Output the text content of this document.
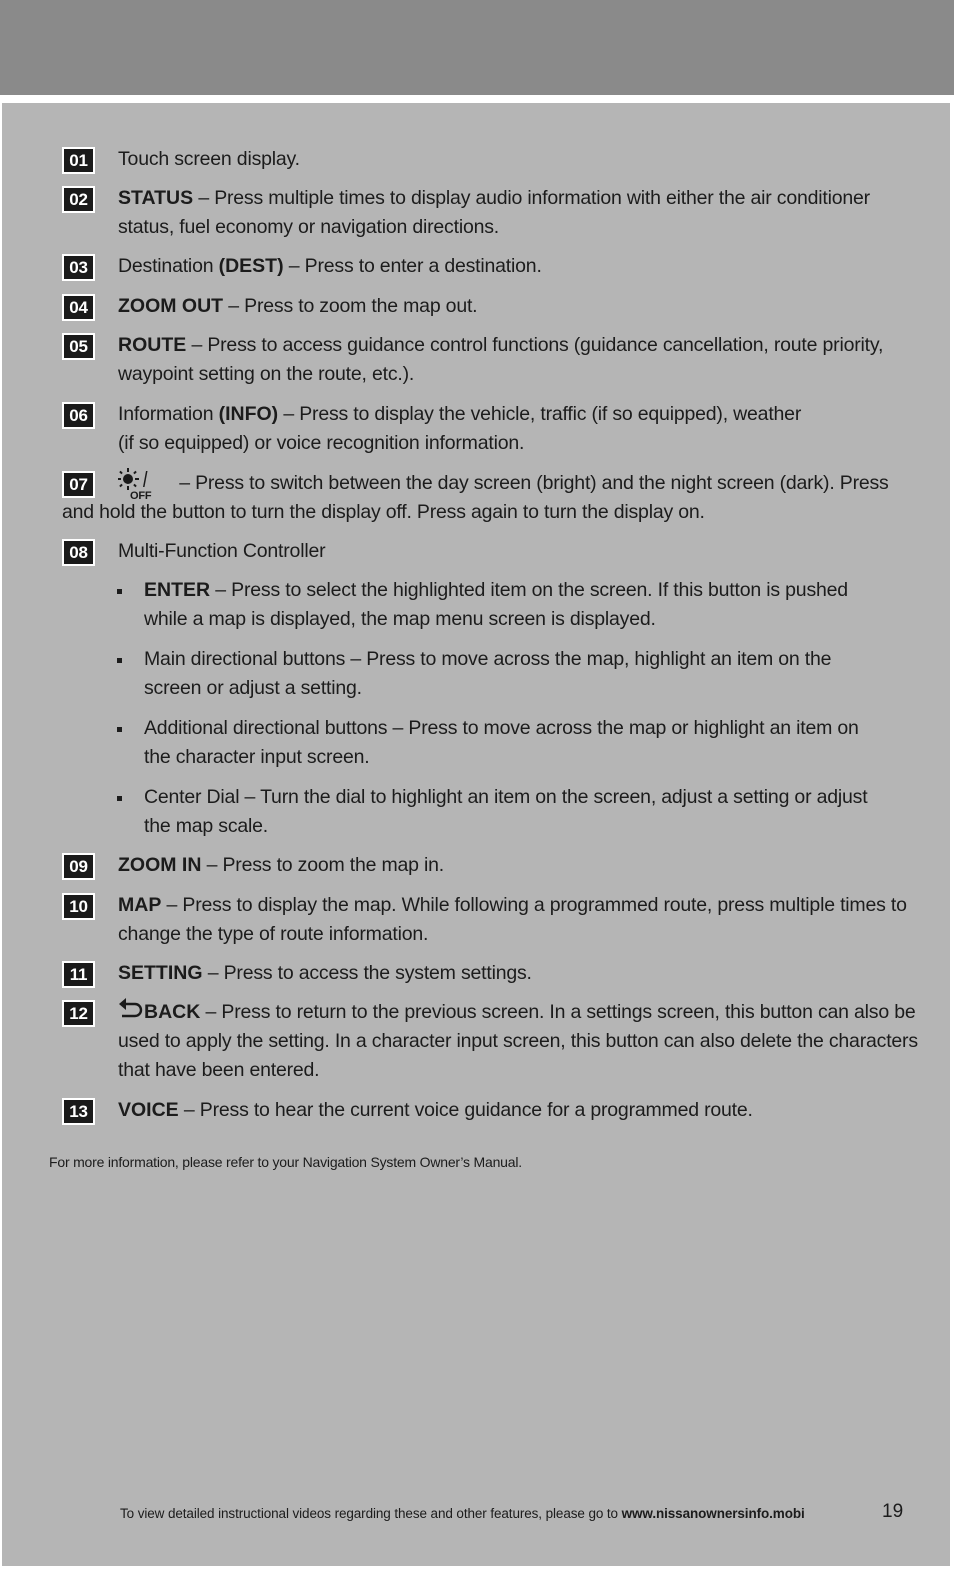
01 Touch screen display.
02 STATUS – Press multiple times to display audio information with either the air conditioner status, fuel economy or navigation directions.
03 Destination (DEST) – Press to enter a destination.
04 ZOOM OUT – Press to zoom the map out.
05 ROUTE – Press to access guidance control functions (guidance cancellation, route priority, waypoint setting on the route, etc.).
06 Information (INFO) – Press to display the vehicle, traffic (if so equipped), weather
(if so equipped) or voice recognition information.
07
OFF
– Press to switch between the day screen (bright) and the night screen (dark). Press and hold the button to turn the display off. Press again to turn the display on.
08 Multi-Function Controller
ENTER – Press to select the highlighted item on the screen. If this button is pushed while a map is displayed, the map menu screen is displayed.
Main directional buttons – Press to move across the map, highlight an item on the screen or adjust a setting.
Additional directional buttons – Press to move across the map or highlight an item on the character input screen.
Center Dial – Turn the dial to highlight an item on the screen, adjust a setting or adjust the map scale.
09 ZOOM IN – Press to zoom the map in.
10 MAP – Press to display the map. While following a programmed route, press multiple times to change the type of route information.
11 SETTING – Press to access the system settings.
12	BACK – Press to return to the previous screen. In a settings screen, this button can also be used to apply the setting. In a character input screen, this button can also delete the characters that have been entered.
13 VOICE – Press to hear the current voice guidance for a programmed route.
For more information, please refer to your Navigation System Owner’s Manual.
To view detailed instructional videos regarding these and other features, please go to www.nissanownersinfo.mobi	19
